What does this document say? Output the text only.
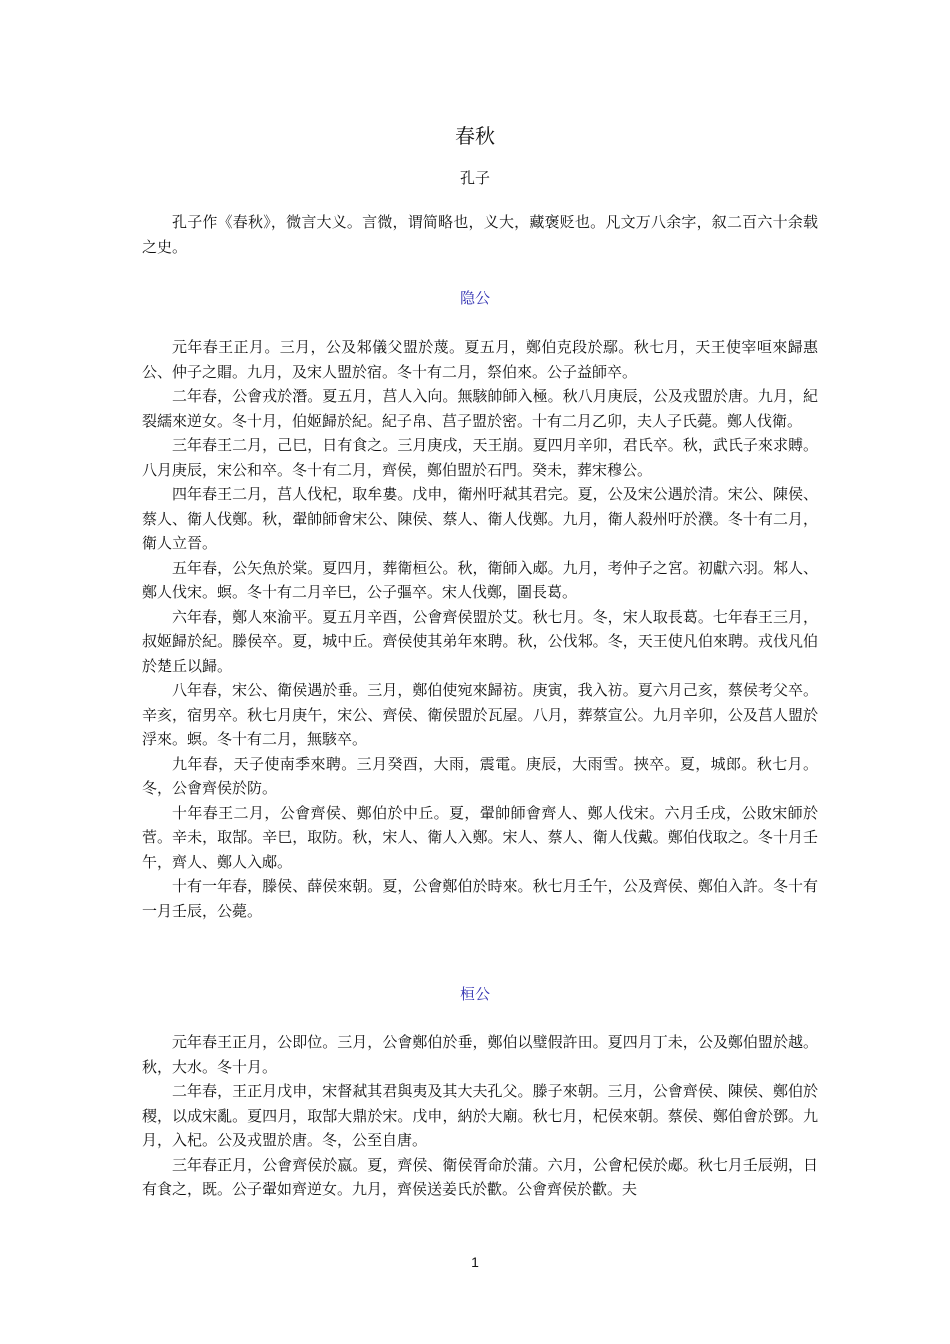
春秋
孔子

孔子作《春秋》，微言大义。言微，谓简略也，义大，藏褒贬也。凡文万八余字，叙二百六十余载之史。

隐公

元年春王正月。三月，公及邾儀父盟於蔑。夏五月，鄭伯克段於鄢。秋七月，天王使宰咺來歸惠公、仲子之賵。九月，及宋人盟於宿。冬十有二月，祭伯來。公子益師卒。

二年春，公會戎於潛。夏五月，莒人入向。無駭帥師入極。秋八月庚辰，公及戎盟於唐。九月，紀裂繻來逆女。冬十月，伯姬歸於紀。紀子帛、莒子盟於密。十有二月乙卯，夫人子氏薨。鄭人伐衛。

三年春王二月，己巳，日有食之。三月庚戌，天王崩。夏四月辛卯，君氏卒。秋，武氏子來求賻。八月庚辰，宋公和卒。冬十有二月，齊侯，鄭伯盟於石門。癸未，葬宋穆公。

四年春王二月，莒人伐杞，取牟婁。戊申，衛州吁弒其君完。夏，公及宋公遇於清。宋公、陳侯、蔡人、衛人伐鄭。秋，翬帥師會宋公、陳侯、蔡人、衛人伐鄭。九月，衛人殺州吁於濮。冬十有二月，衛人立晉。

五年春，公矢魚於棠。夏四月，葬衛桓公。秋，衛師入郕。九月，考仲子之宮。初獻六羽。邾人、鄭人伐宋。螟。冬十有二月辛巳，公子彄卒。宋人伐鄭，圍長葛。

六年春，鄭人來渝平。夏五月辛酉，公會齊侯盟於艾。秋七月。冬，宋人取長葛。七年春王三月，叔姬歸於紀。滕侯卒。夏，城中丘。齊侯使其弟年來聘。秋，公伐邾。冬，天王使凡伯來聘。戎伐凡伯於楚丘以歸。

八年春，宋公、衛侯遇於垂。三月，鄭伯使宛來歸祊。庚寅，我入祊。夏六月己亥，蔡侯考父卒。辛亥，宿男卒。秋七月庚午，宋公、齊侯、衛侯盟於瓦屋。八月，葬蔡宣公。九月辛卯，公及莒人盟於浮來。螟。冬十有二月，無駭卒。

九年春，天子使南季來聘。三月癸酉，大雨，震電。庚辰，大雨雪。挾卒。夏，城郎。秋七月。冬，公會齊侯於防。

十年春王二月，公會齊侯、鄭伯於中丘。夏，翬帥師會齊人、鄭人伐宋。六月壬戌，公敗宋師於菅。辛未，取郜。辛巳，取防。秋，宋人、衛人入鄭。宋人、蔡人、衛人伐戴。鄭伯伐取之。冬十月壬午，齊人、鄭人入郕。

十有一年春，滕侯、薛侯來朝。夏，公會鄭伯於時來。秋七月壬午，公及齊侯、鄭伯入許。冬十有一月壬辰，公薨。

桓公

元年春王正月，公即位。三月，公會鄭伯於垂，鄭伯以璧假許田。夏四月丁未，公及鄭伯盟於越。秋，大水。冬十月。

二年春，王正月戊申，宋督弒其君與夷及其大夫孔父。滕子來朝。三月，公會齊侯、陳侯、鄭伯於稷，以成宋亂。夏四月，取郜大鼎於宋。戊申，納於大廟。秋七月，杞侯來朝。蔡侯、鄭伯會於鄧。九月，入杞。公及戎盟於唐。冬，公至自唐。

三年春正月，公會齊侯於嬴。夏，齊侯、衛侯胥命於蒲。六月，公會杞侯於郕。秋七月壬辰朔，日有食之，既。公子翬如齊逆女。九月，齊侯送姜氏於歡。公會齊侯於歡。夫

1
